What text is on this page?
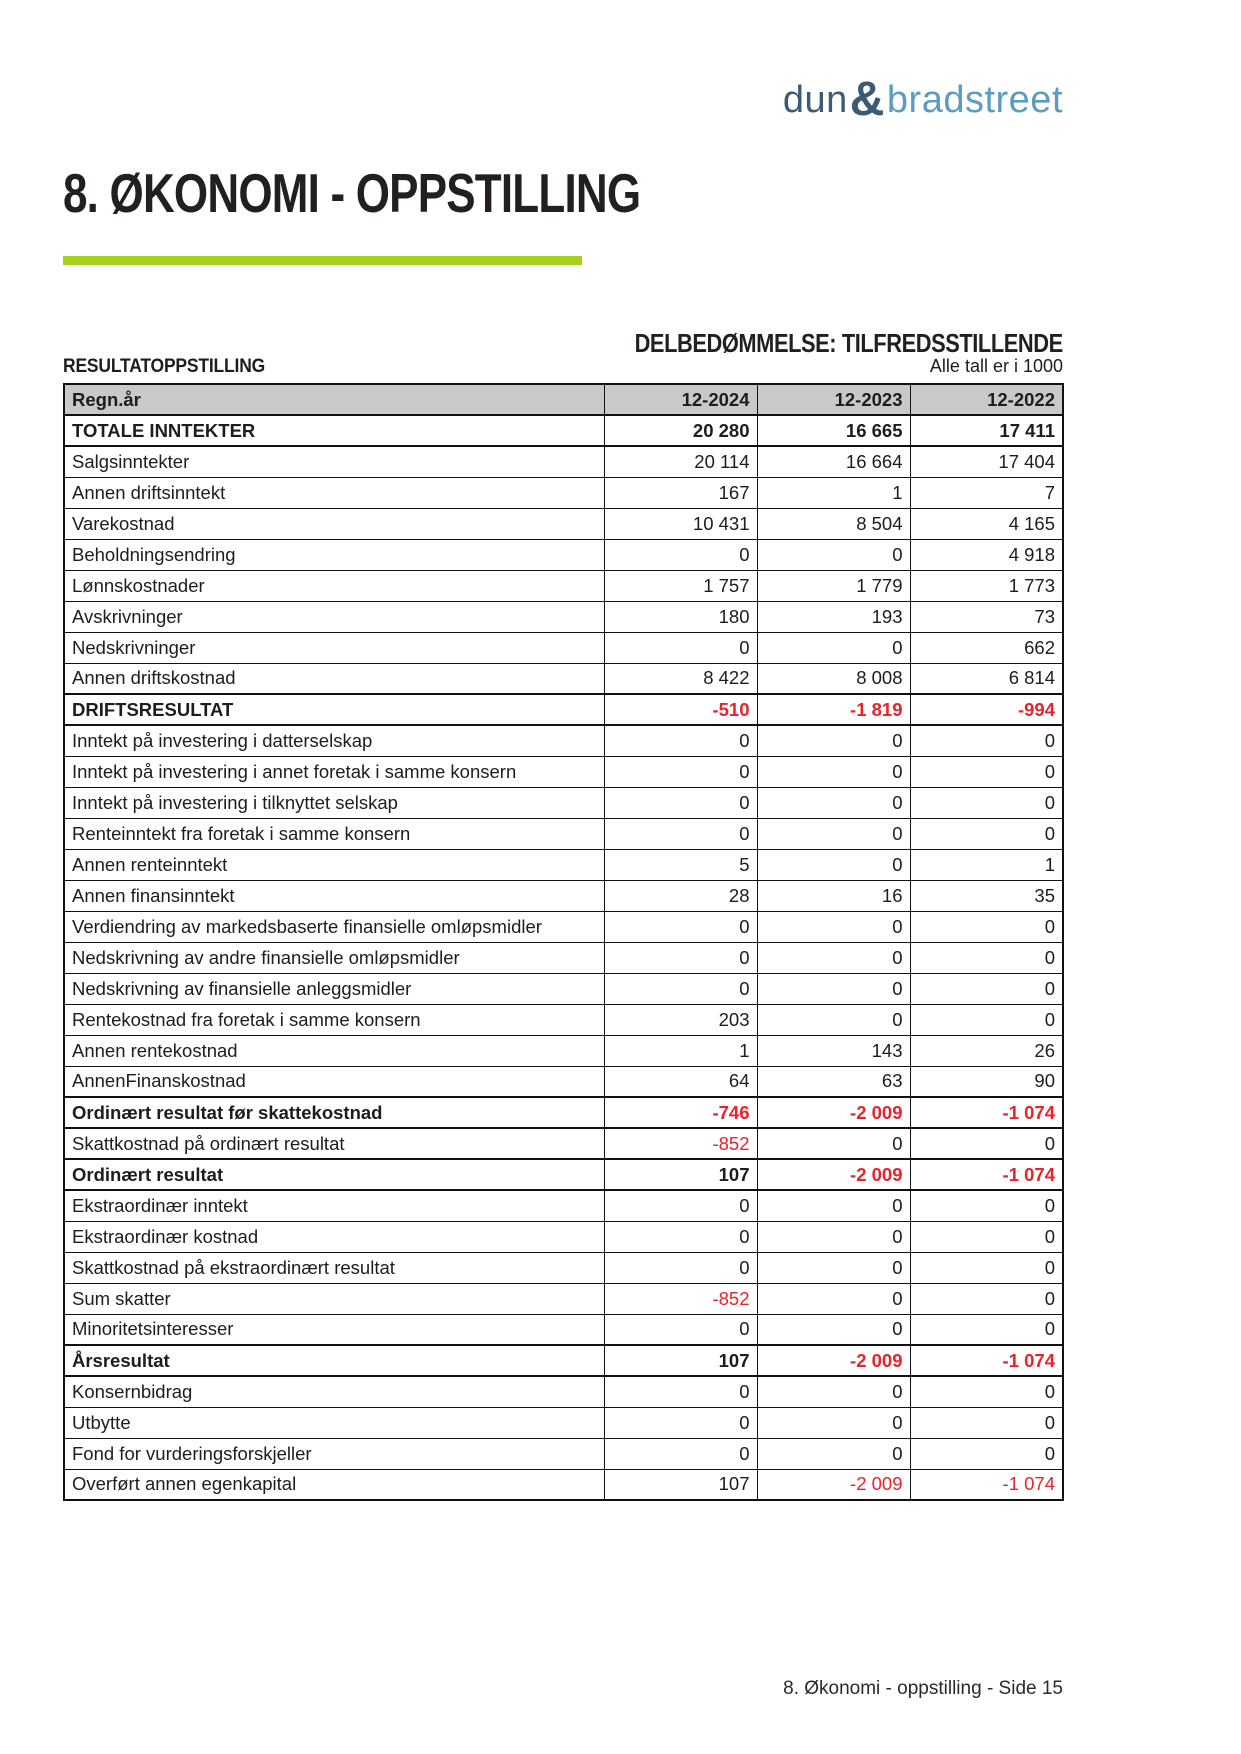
dun&bradstreet
8. ØKONOMI - OPPSTILLING
DELBEDØMMELSE: TILFREDSSTILLENDE
RESULTATOPPSTILLING	Alle tall er i 1000
Regn.år	12-2024	12-2023	12-2022
TOTALE INNTEKTER	20 280	16 665	17 411
Salgsinntekter	20 114	16 664	17 404
Annen driftsinntekt	167	1	7
Varekostnad	10 431	8 504	4 165
Beholdningsendring	0	0	4 918
Lønnskostnader	1 757	1 779	1 773
Avskrivninger	180	193	73
Nedskrivninger	0	0	662
Annen driftskostnad	8 422	8 008	6 814
DRIFTSRESULTAT	-510	-1 819	-994
Inntekt på investering i datterselskap	0	0	0
Inntekt på investering i annet foretak i samme konsern	0	0	0
Inntekt på investering i tilknyttet selskap	0	0	0
Renteinntekt fra foretak i samme konsern	0	0	0
Annen renteinntekt	5	0	1
Annen finansinntekt	28	16	35
Verdiendring av markedsbaserte finansielle omløpsmidler	0	0	0
Nedskrivning av andre finansielle omløpsmidler	0	0	0
Nedskrivning av finansielle anleggsmidler	0	0	0
Rentekostnad fra foretak i samme konsern	203	0	0
Annen rentekostnad	1	143	26
AnnenFinanskostnad	64	63	90
Ordinært resultat før skattekostnad	-746	-2 009	-1 074
Skattkostnad på ordinært resultat	-852	0	0
Ordinært resultat	107	-2 009	-1 074
Ekstraordinær inntekt	0	0	0
Ekstraordinær kostnad	0	0	0
Skattkostnad på ekstraordinært resultat	0	0	0
Sum skatter	-852	0	0
Minoritetsinteresser	0	0	0
Årsresultat	107	-2 009	-1 074
Konsernbidrag	0	0	0
Utbytte	0	0	0
Fond for vurderingsforskjeller	0	0	0
Overført annen egenkapital	107	-2 009	-1 074
8. Økonomi - oppstilling - Side 15
